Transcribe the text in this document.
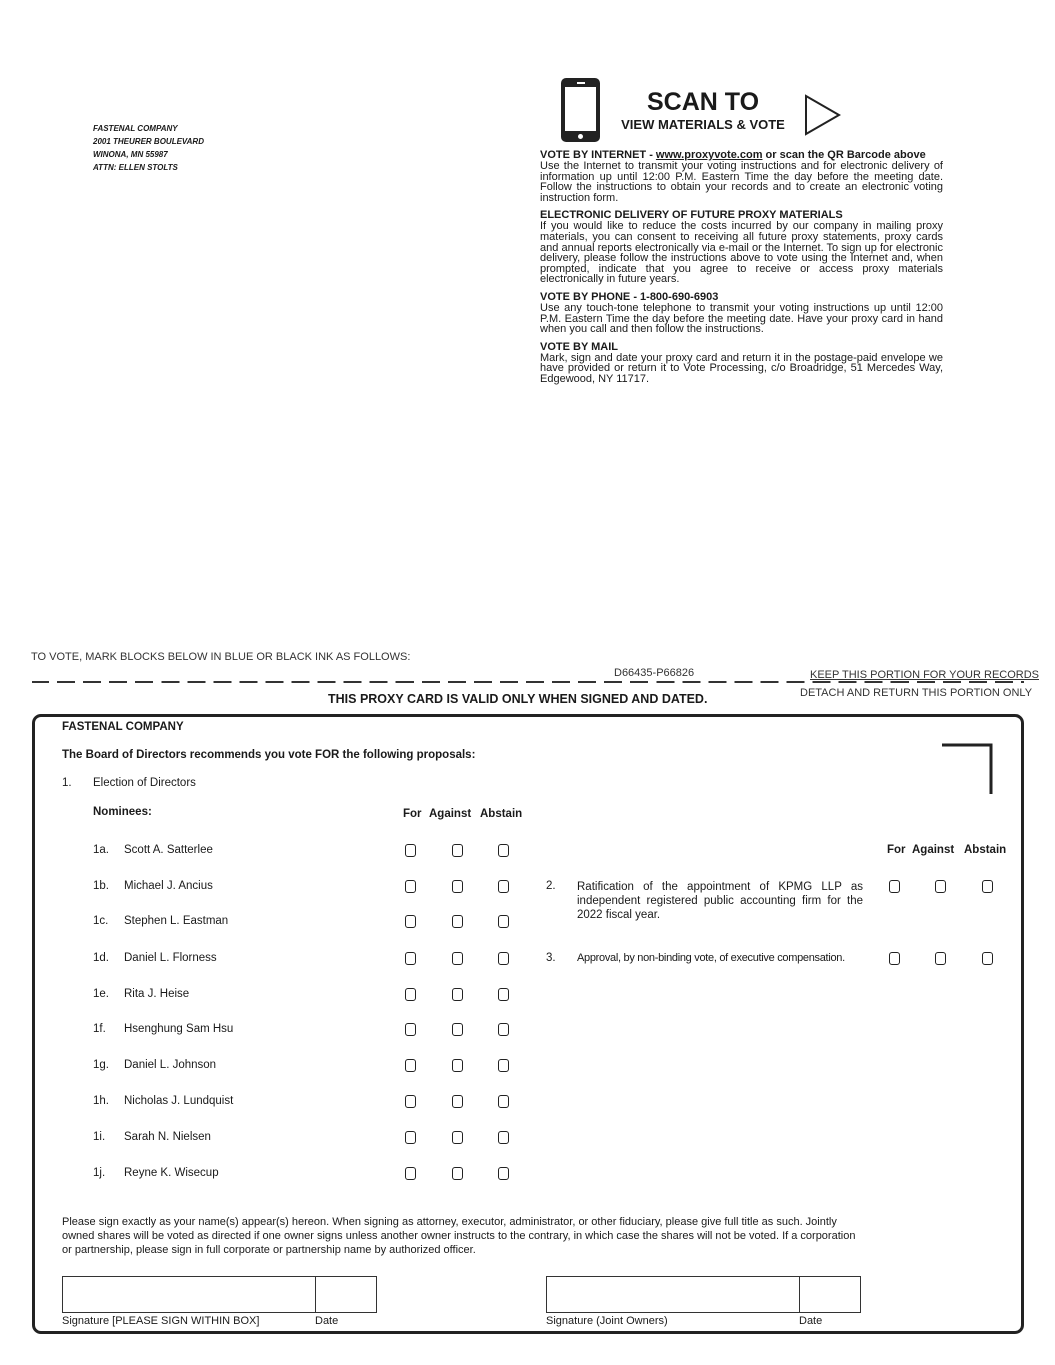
FASTENAL COMPANY
2001 THEURER BOULEVARD
WINONA, MN 55987
ATTN: ELLEN STOLTS
SCAN TO
VIEW MATERIALS & VOTE
VOTE BY INTERNET - www.proxyvote.com or scan the QR Barcode above

Use the Internet to transmit your voting instructions and for electronic delivery of information up until 12:00 P.M. Eastern Time the day before the meeting date. Follow the instructions to obtain your records and to create an electronic voting instruction form.

ELECTRONIC DELIVERY OF FUTURE PROXY MATERIALS

If you would like to reduce the costs incurred by our company in mailing proxy materials, you can consent to receiving all future proxy statements, proxy cards and annual reports electronically via e-mail or the Internet. To sign up for electronic delivery, please follow the instructions above to vote using the Internet and, when prompted, indicate that you agree to receive or access proxy materials electronically in future years.

VOTE BY PHONE - 1-800-690-6903

Use any touch-tone telephone to transmit your voting instructions up until 12:00 P.M. Eastern Time the day before the meeting date. Have your proxy card in hand when you call and then follow the instructions.

VOTE BY MAIL

Mark, sign and date your proxy card and return it in the postage-paid envelope we have provided or return it to Vote Processing, c/o Broadridge, 51 Mercedes Way, Edgewood, NY 11717.

TO VOTE, MARK BLOCKS BELOW IN BLUE OR BLACK INK AS FOLLOWS:
D66435-P66826	KEEP THIS PORTION FOR YOUR RECORDS
DETACH AND RETURN THIS PORTION ONLY
THIS PROXY CARD IS VALID ONLY WHEN SIGNED AND DATED.
FASTENAL COMPANY
The Board of Directors recommends you vote FOR the following proposals:
1. Election of Directors
Nominees:	For Against Abstain
For Against Abstain
1a. Scott A. Satterlee
1b. Michael J. Ancius
1c. Stephen L. Eastman
1d. Daniel L. Florness
1e. Rita J. Heise
1f. Hsenghung Sam Hsu
1g. Daniel L. Johnson
1h. Nicholas J. Lundquist
1i. Sarah N. Nielsen
1j. Reyne K. Wisecup
2. Ratification of the appointment of KPMG LLP as independent registered public accounting firm for the 2022 fiscal year.
3. Approval, by non-binding vote, of executive compensation.
Please sign exactly as your name(s) appear(s) hereon. When signing as attorney, executor, administrator, or other fiduciary, please give full title as such. Jointly owned shares will be voted as directed if one owner signs unless another owner instructs to the contrary, in which case the shares will not be voted. If a corporation or partnership, please sign in full corporate or partnership name by authorized officer.
Signature [PLEASE SIGN WITHIN BOX]	Date	Signature (Joint Owners)	Date
